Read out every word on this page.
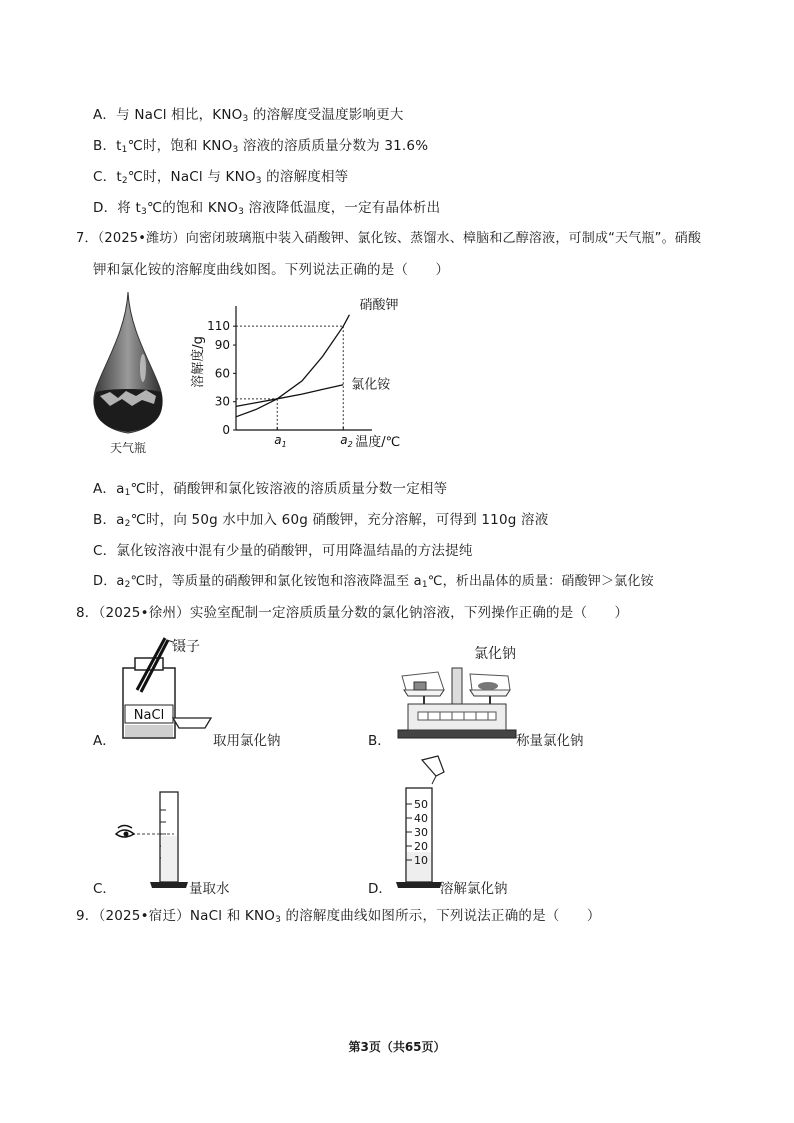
A．与 NaCl 相比，$KNO_3$ 的溶解度受温度影响更大
B．$t_1℃$时，饱和 $KNO_3$ 溶液的溶质质量分数为 31.6%
C．$t_2℃$时，NaCl 与 $KNO_3$ 的溶解度相等
D．将 $t_3℃$的饱和 $KNO_3$ 溶液降低温度，一定有晶体析出
7．（2025•潍坊）向密闭玻璃瓶中装入硝酸钾、氯化铵、蒸馏水、樟脑和乙醇溶液，可制成“天气瓶”。硝酸
钾和氯化铵的溶解度曲线如图。下列说法正确的是（　　）
天气瓶
0
30
60
90
110
$a_1$	$a_2$
硝酸钾
氯化铵
溶解度/g
温度/℃
A．$a_1℃$时，硝酸钾和氯化铵溶液的溶质质量分数一定相等
B．$a_2℃$时，向 50g 水中加入 60g 硝酸钾，充分溶解，可得到 110g 溶液
C．氯化铵溶液中混有少量的硝酸钾，可用降温结晶的方法提纯
D．$a_2℃$时，等质量的硝酸钾和氯化铵饱和溶液降温至 $a_1℃$，析出晶体的质量：硝酸钾＞氯化铵
8．（2025•徐州）实验室配制一定溶质质量分数的氯化钠溶液，下列操作正确的是（　　）
A．
NaCl
镊子
取用氯化钠	B．
氯化钠
称量氯化钠
C．	量取水	D．
50
40
30
20
10
溶解氯化钠
9．（2025•宿迁）NaCl 和 $KNO_3$ 的溶解度曲线如图所示，下列说法正确的是（　　）
第3页（共65页）
